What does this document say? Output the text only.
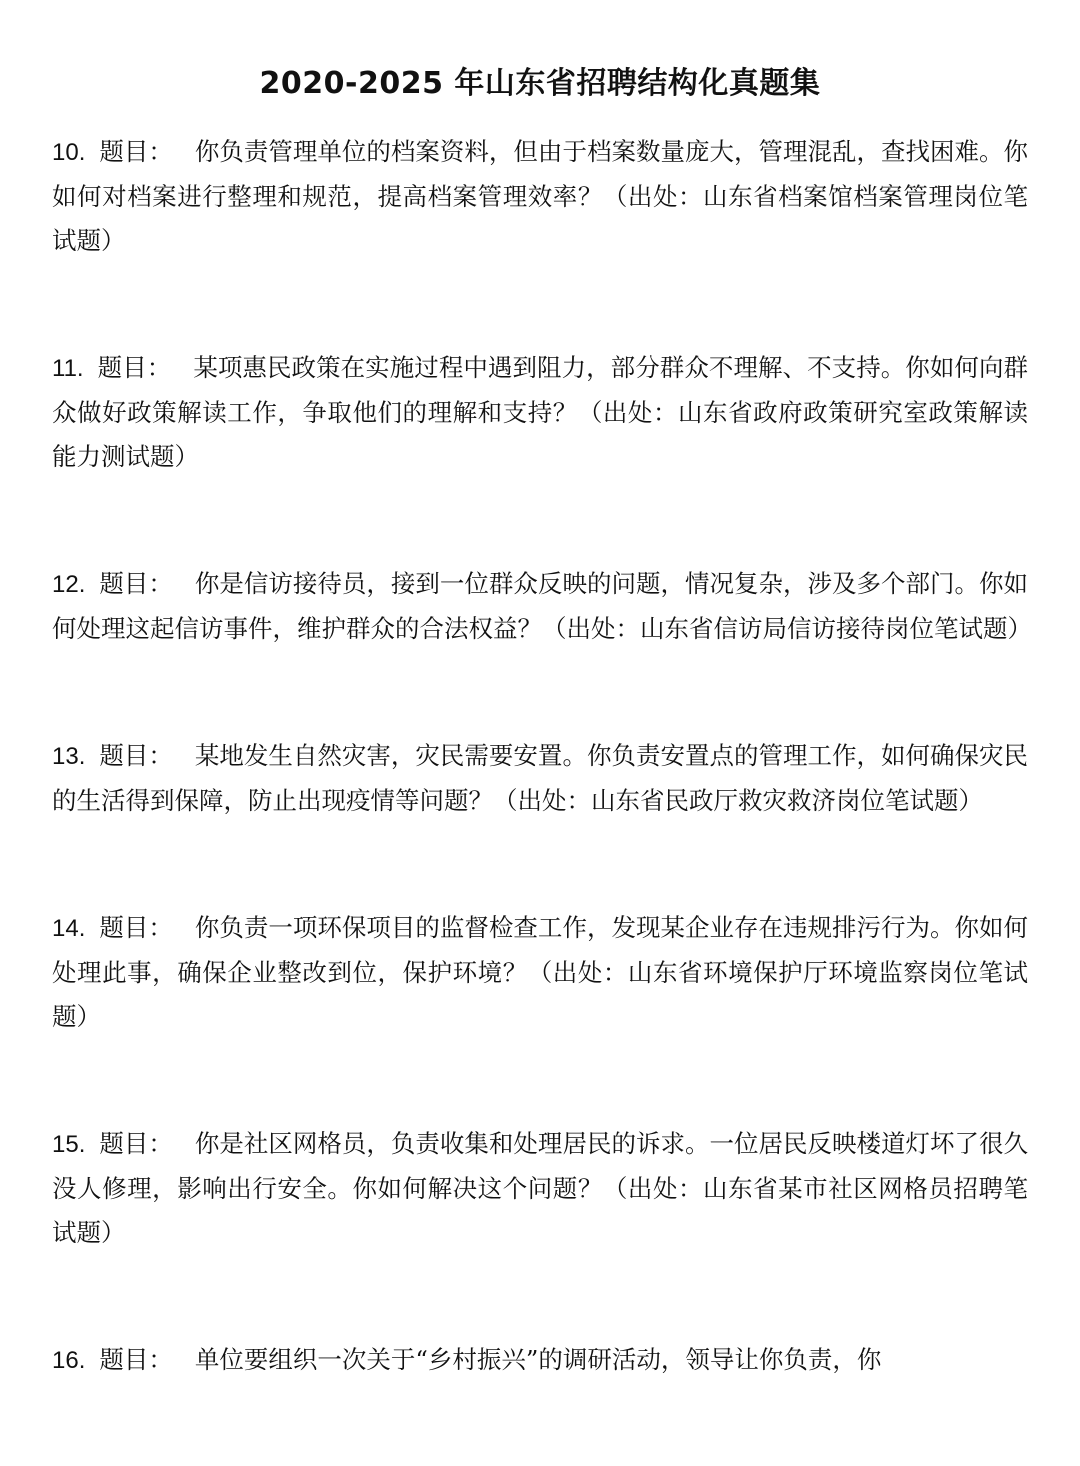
2020-2025 年山东省招聘结构化真题集

10. 题目： 你负责管理单位的档案资料，但由于档案数量庞大，管理混乱，查找困难。你如何对档案进行整理和规范，提高档案管理效率？（出处：山东省档案馆档案管理岗位笔试题）

11. 题目： 某项惠民政策在实施过程中遇到阻力，部分群众不理解、不支持。你如何向群众做好政策解读工作，争取他们的理解和支持？（出处：山东省政府政策研究室政策解读能力测试题）

12. 题目： 你是信访接待员，接到一位群众反映的问题，情况复杂，涉及多个部门。你如何处理这起信访事件，维护群众的合法权益？（出处：山东省信访局信访接待岗位笔试题）

13. 题目： 某地发生自然灾害，灾民需要安置。你负责安置点的管理工作，如何确保灾民的生活得到保障，防止出现疫情等问题？（出处：山东省民政厅救灾救济岗位笔试题）

14. 题目： 你负责一项环保项目的监督检查工作，发现某企业存在违规排污行为。你如何处理此事，确保企业整改到位，保护环境？（出处：山东省环境保护厅环境监察岗位笔试题）

15. 题目： 你是社区网格员，负责收集和处理居民的诉求。一位居民反映楼道灯坏了很久没人修理，影响出行安全。你如何解决这个问题？（出处：山东省某市社区网格员招聘笔试题）

16. 题目： 单位要组织一次关于“乡村振兴”的调研活动，领导让你负责，你
